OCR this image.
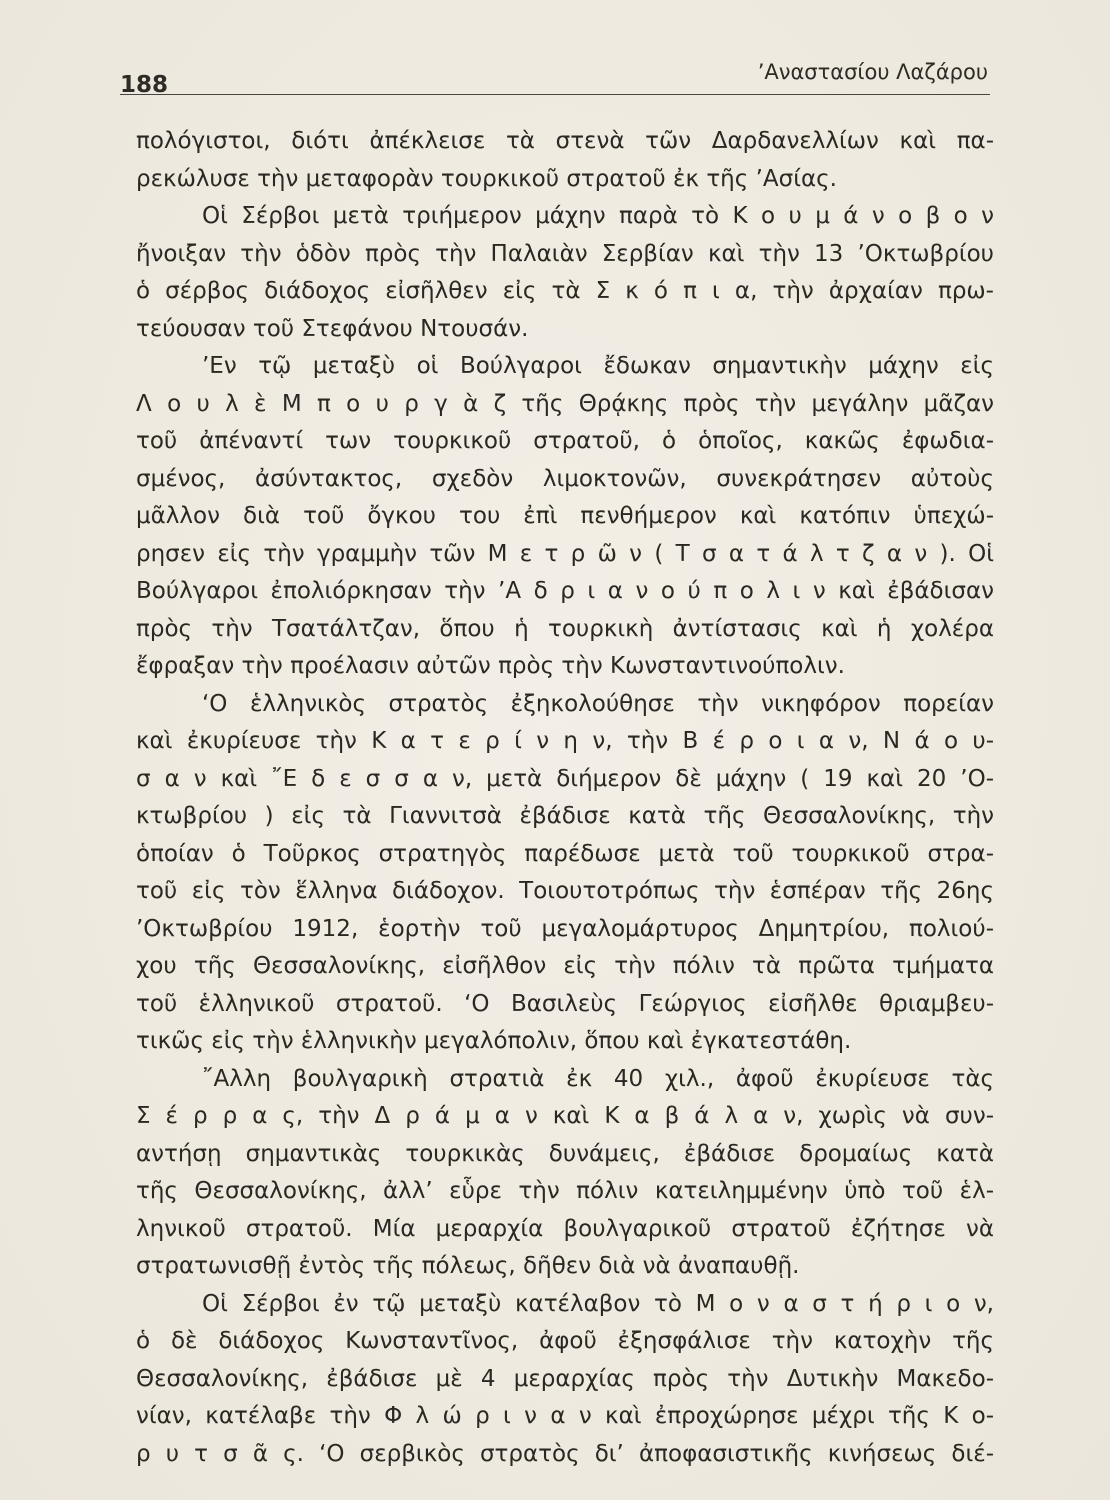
188	’Αναστασίου Λαζάρου
πολόγιστοι, διότι ἀπέκλεισε τὰ στενὰ τῶν Δαρδανελλίων καὶ πα-
ρεκώλυσε τὴν μεταφορὰν τουρκικοῦ στρατοῦ ἐκ τῆς ’Ασίας.
Οἱ Σέρβοι μετὰ τριήμερον μάχην παρὰ τὸ Κ ο υ μ ά ν ο β ο ν
ἤνοιξαν τὴν ὁδὸν πρὸς τὴν Παλαιὰν Σερβίαν καὶ τὴν 13 ’Οκτωβρίου
ὁ σέρβος διάδοχος εἰσῆλθεν εἰς τὰ Σ κ ό π ι α, τὴν ἀρχαίαν πρω-
τεύουσαν τοῦ Στεφάνου Ντουσάν.
’Εν τῷ μεταξὺ οἱ Βούλγαροι ἔδωκαν σημαντικὴν μάχην εἰς
Λ ο υ λ ὲ Μ π ο υ ρ γ ὰ ζ τῆς Θρᾴκης πρὸς τὴν μεγάλην μᾶζαν
τοῦ ἀπέναντί των τουρκικοῦ στρατοῦ, ὁ ὁποῖος, κακῶς ἐφωδια-
σμένος, ἀσύντακτος, σχεδὸν λιμοκτονῶν, συνεκράτησεν αὐτοὺς
μᾶλλον διὰ τοῦ ὄγκου του ἐπὶ πενθήμερον καὶ κατόπιν ὑπεχώ-
ρησεν εἰς τὴν γραμμὴν τῶν Μ ε τ ρ ῶ ν ( Τ σ α τ ά λ τ ζ α ν ). Οἱ
Βούλγαροι ἐπολιόρκησαν τὴν ’Α δ ρ ι α ν ο ύ π ο λ ι ν καὶ ἐβάδισαν
πρὸς τὴν Τσατάλτζαν, ὅπου ἡ τουρκικὴ ἀντίστασις καὶ ἡ χολέρα
ἔφραξαν τὴν προέλασιν αὐτῶν πρὸς τὴν Κωνσταντινούπολιν.
‘Ο ἑλληνικὸς στρατὸς ἐξηκολούθησε τὴν νικηφόρον πορείαν
καὶ ἐκυρίευσε τὴν Κ α τ ε ρ ί ν η ν, τὴν Β έ ρ ο ι α ν, Ν ά ο υ-
σ α ν καὶ ῎Ε δ ε σ σ α ν, μετὰ διήμερον δὲ μάχην ( 19 καὶ 20 ’Ο-
κτωβρίου ) εἰς τὰ Γιαννιτσὰ ἐβάδισε κατὰ τῆς Θεσσαλονίκης, τὴν
ὁποίαν ὁ Τοῦρκος στρατηγὸς παρέδωσε μετὰ τοῦ τουρκικοῦ στρα-
τοῦ εἰς τὸν ἕλληνα διάδοχον. Τοιουτοτρόπως τὴν ἑσπέραν τῆς 26ης
’Οκτωβρίου 1912, ἑορτὴν τοῦ μεγαλομάρτυρος Δημητρίου, πολιού-
χου τῆς Θεσσαλονίκης, εἰσῆλθον εἰς τὴν πόλιν τὰ πρῶτα τμήματα
τοῦ ἑλληνικοῦ στρατοῦ. ‘Ο Βασιλεὺς Γεώργιος εἰσῆλθε θριαμβευ-
τικῶς εἰς τὴν ἑλληνικὴν μεγαλόπολιν, ὅπου καὶ ἐγκατεστάθη.
῎Αλλη βουλγαρικὴ στρατιὰ ἐκ 40 χιλ., ἀφοῦ ἐκυρίευσε τὰς
Σ έ ρ ρ α ς, τὴν Δ ρ ά μ α ν καὶ Κ α β ά λ α ν, χωρὶς νὰ συν-
αντήσῃ σημαντικὰς τουρκικὰς δυνάμεις, ἐβάδισε δρομαίως κατὰ
τῆς Θεσσαλονίκης, ἀλλ’ εὗρε τὴν πόλιν κατειλημμένην ὑπὸ τοῦ ἑλ-
ληνικοῦ στρατοῦ. Μία μεραρχία βουλγαρικοῦ στρατοῦ ἐζήτησε νὰ
στρατωνισθῇ ἐντὸς τῆς πόλεως, δῆθεν διὰ νὰ ἀναπαυθῇ.
Οἱ Σέρβοι ἐν τῷ μεταξὺ κατέλαβον τὸ Μ ο ν α σ τ ή ρ ι ο ν,
ὁ δὲ διάδοχος Κωνσταντῖνος, ἀφοῦ ἐξησφάλισε τὴν κατοχὴν τῆς
Θεσσαλονίκης, ἐβάδισε μὲ 4 μεραρχίας πρὸς τὴν Δυτικὴν Μακεδο-
νίαν, κατέλαβε τὴν Φ λ ώ ρ ι ν α ν καὶ ἐπροχώρησε μέχρι τῆς Κ ο-
ρ υ τ σ ᾶ ς. ‘Ο σερβικὸς στρατὸς δι’ ἀποφασιστικῆς κινήσεως διέ-
